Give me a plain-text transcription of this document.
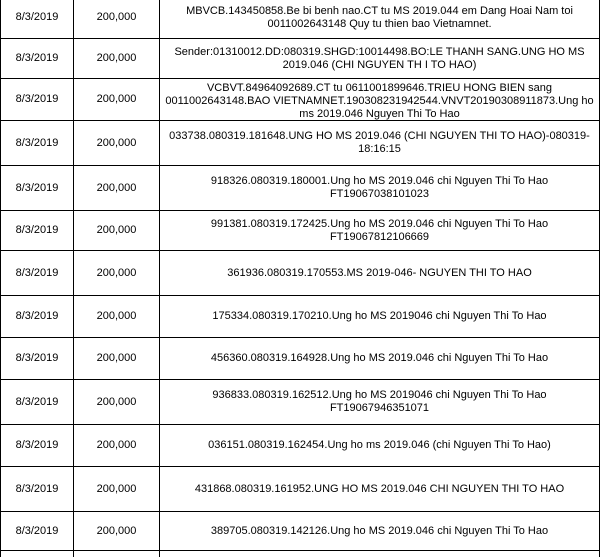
8/3/2019	200,000	MBVCB.143450858.Be bi benh nao.CT tu MS 2019.044 em Dang Hoai Nam toi 0011002643148 Quy tu thien bao Vietnamnet.
8/3/2019	200,000	Sender:01310012.DD:080319.SHGD:10014498.BO:LE THANH SANG.UNG HO MS 2019.046 (CHI NGUYEN TH I TO HAO)
8/3/2019	200,000	VCBVT.84964092689.CT tu 0611001899646.TRIEU HONG BIEN sang 0011002643148.BAO VIETNAMNET.190308231942544.VNVT20190308911873.Ung ho ms 2019.046 Nguyen Thi To Hao

8/3/2019	200,000	033738.080319.181648.UNG HO MS 2019.046 (CHI NGUYEN THI TO HAO)-080319-18:16:15
8/3/2019	200,000	918326.080319.180001.Ung ho MS 2019.046 chi Nguyen Thi To Hao FT19067038101023
8/3/2019	200,000	991381.080319.172425.Ung ho MS 2019.046 chi Nguyen Thi To Hao FT19067812106669
8/3/2019	200,000	361936.080319.170553.MS 2019-046- NGUYEN THI TO HAO
8/3/2019	200,000	175334.080319.170210.Ung ho MS 2019046 chi Nguyen Thi To Hao
8/3/2019	200,000	456360.080319.164928.Ung ho MS 2019.046 chi Nguyen Thi To Hao
8/3/2019	200,000	936833.080319.162512.Ung ho MS 2019046 chi Nguyen Thi To Hao FT19067946351071
8/3/2019	200,000	036151.080319.162454.Ung ho ms 2019.046 (chi Nguyen Thi To Hao)
8/3/2019	200,000	431868.080319.161952.UNG HO MS 2019.046 CHI NGUYEN THI TO HAO
8/3/2019	200,000	389705.080319.142126.Ung ho MS 2019.046 chi Nguyen Thi To Hao
